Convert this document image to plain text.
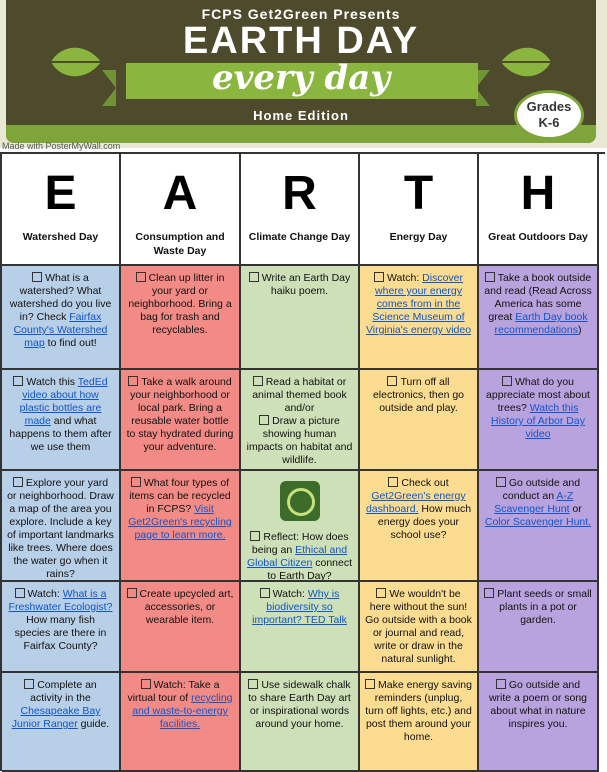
FCPS Get2Green Presents
EARTH DAY
every day
Home Edition
Grades
K-6
Made with PosterMyWall.com
E
Watershed Day
A
Consumption and Waste Day
R
Climate Change Day
T
Energy Day
H
Great Outdoors Day
What is a watershed? What watershed do you live in? Check Fairfax County's Watershed map to find out!
Clean up litter in your yard or neighborhood. Bring a bag for trash and recyclables.
Write an Earth Day haiku poem.
Watch: Discover where your energy comes from in the Science Museum of Virginia's energy video
Take a book outside and read (Read Across America has some great Earth Day book recommendations)
Watch this TedEd video about how plastic bottles are made and what happens to them after we use them
Take a walk around your neighborhood or local park. Bring a reusable water bottle to stay hydrated during your adventure.
Read a habitat or animal themed book and/or
Draw a picture showing human impacts on habitat and wildlife.
Turn off all electronics, then go outside and play.
What do you appreciate most about trees? Watch this History of Arbor Day video
Explore your yard or neighborhood. Draw a map of the area you explore. Include a key of important landmarks like trees. Where does the water go when it rains?
What four types of items can be recycled in FCPS? Visit Get2Green's recycling page to learn more.	Reflect: How does being an Ethical and Global Citizen connect to Earth Day?
Check out Get2Green's energy dashboard. How much energy does your school use?
Go outside and conduct an A-Z Scavenger Hunt or Color Scavenger Hunt.
Watch: What is a Freshwater Ecologist? How many fish species are there in Fairfax County?
Create upcycled art, accessories, or wearable item.
Watch: Why is biodiversity so important? TED Talk
We wouldn't be here without the sun! Go outside with a book or journal and read, write or draw in the natural sunlight.
Plant seeds or small plants in a pot or garden.
Complete an activity in the Chesapeake Bay Junior Ranger guide.
Watch: Take a virtual tour of recycling and waste-to-energy facilities.
Use sidewalk chalk to share Earth Day art or inspirational words around your home.
Make energy saving reminders (unplug, turn off lights, etc.) and post them around your home.
Go outside and write a poem or song about what in nature inspires you.
